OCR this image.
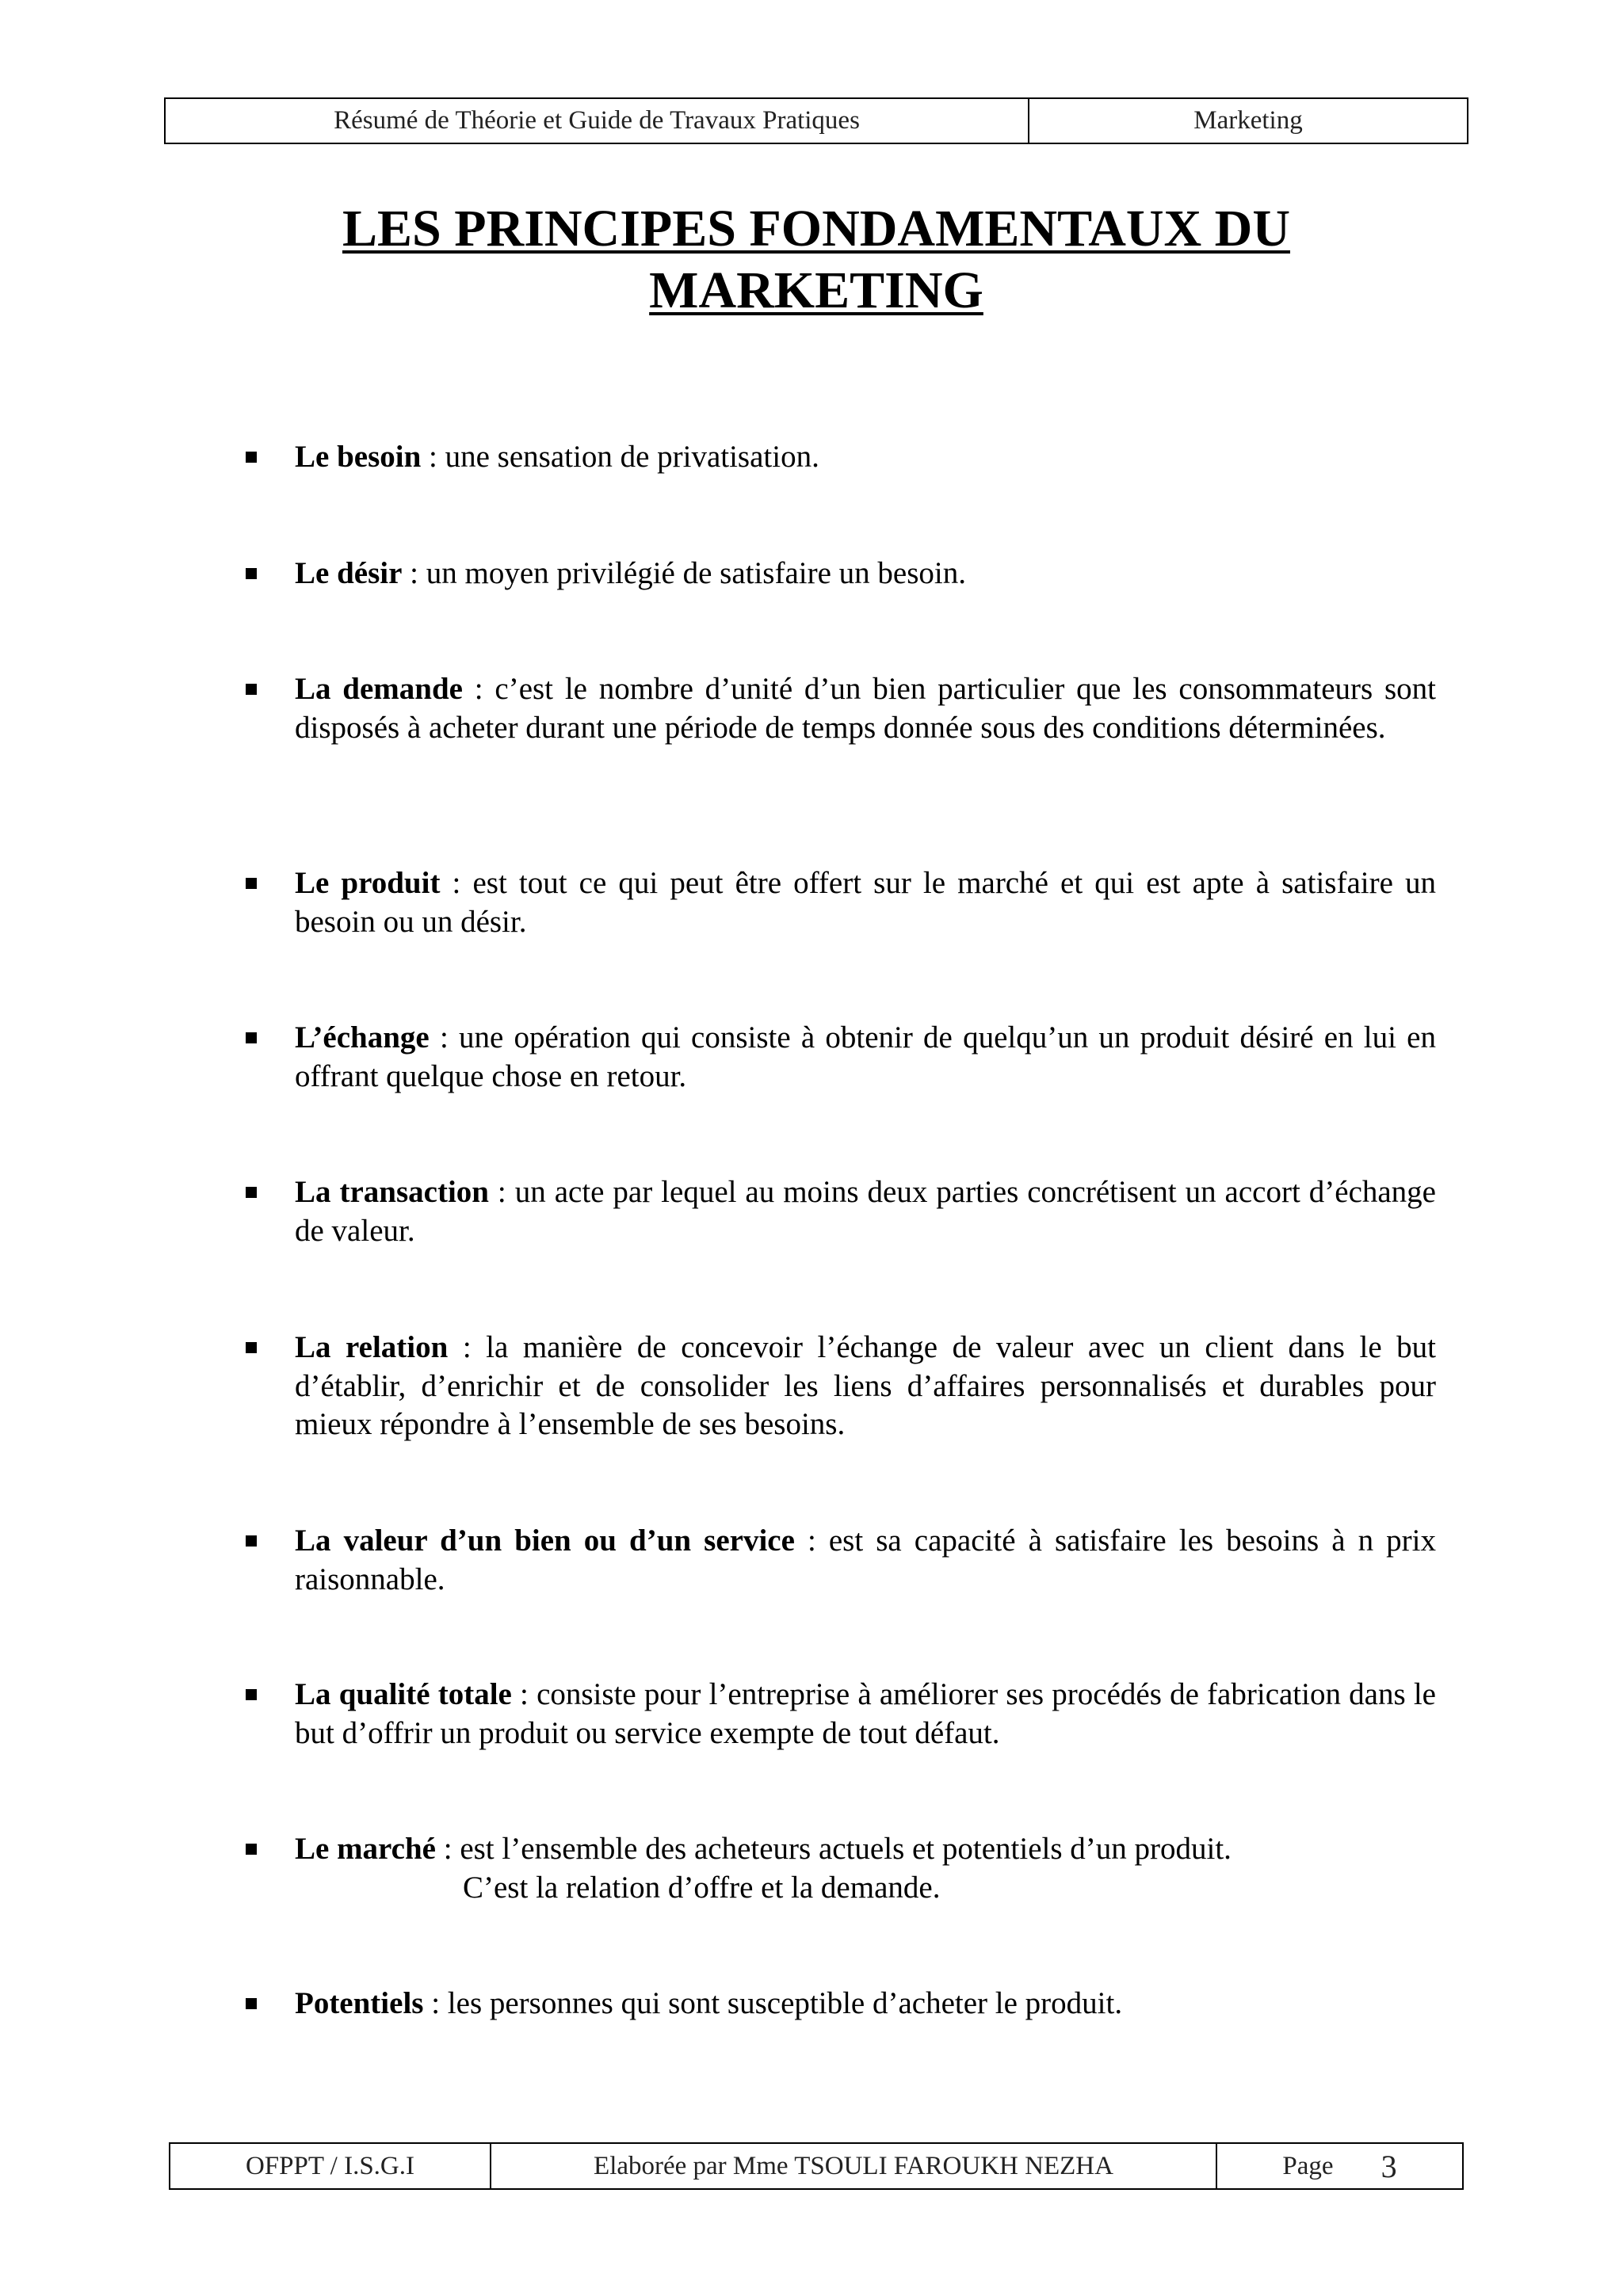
Résumé de Théorie et Guide de Travaux Pratiques	Marketing
LES PRINCIPES FONDAMENTAUX DU
MARKETING
Le besoin : une sensation de privatisation.
Le désir : un moyen privilégié de satisfaire un besoin.
La demande : c’est le nombre d’unité d’un bien particulier que les consommateurs sont disposés à acheter durant une période de temps donnée sous des conditions déterminées.
Le produit : est tout ce qui peut être offert sur le marché et qui est apte à satisfaire un besoin ou un désir.
L’échange : une opération qui consiste à obtenir de quelqu’un un produit désiré en lui en offrant quelque chose en retour.
La transaction : un acte par lequel au moins deux parties concrétisent un accort d’échange de valeur.
La relation : la manière de concevoir l’échange de valeur avec un client dans le but d’établir, d’enrichir et de consolider les liens d’affaires personnalisés et durables pour mieux répondre à l’ensemble de ses besoins.
La valeur d’un bien ou d’un service : est sa capacité à satisfaire les besoins à n prix raisonnable.
La qualité totale : consiste pour l’entreprise à améliorer ses procédés de fabrication dans le but d’offrir un produit ou service exempte de tout défaut.
Le marché : est l’ensemble des acheteurs actuels et potentiels d’un produit.
C’est la relation d’offre et la demande.
Potentiels : les personnes qui sont susceptible d’acheter le produit.
OFPPT / I.S.G.I	Elaborée par Mme TSOULI FAROUKH NEZHA	Page 3
